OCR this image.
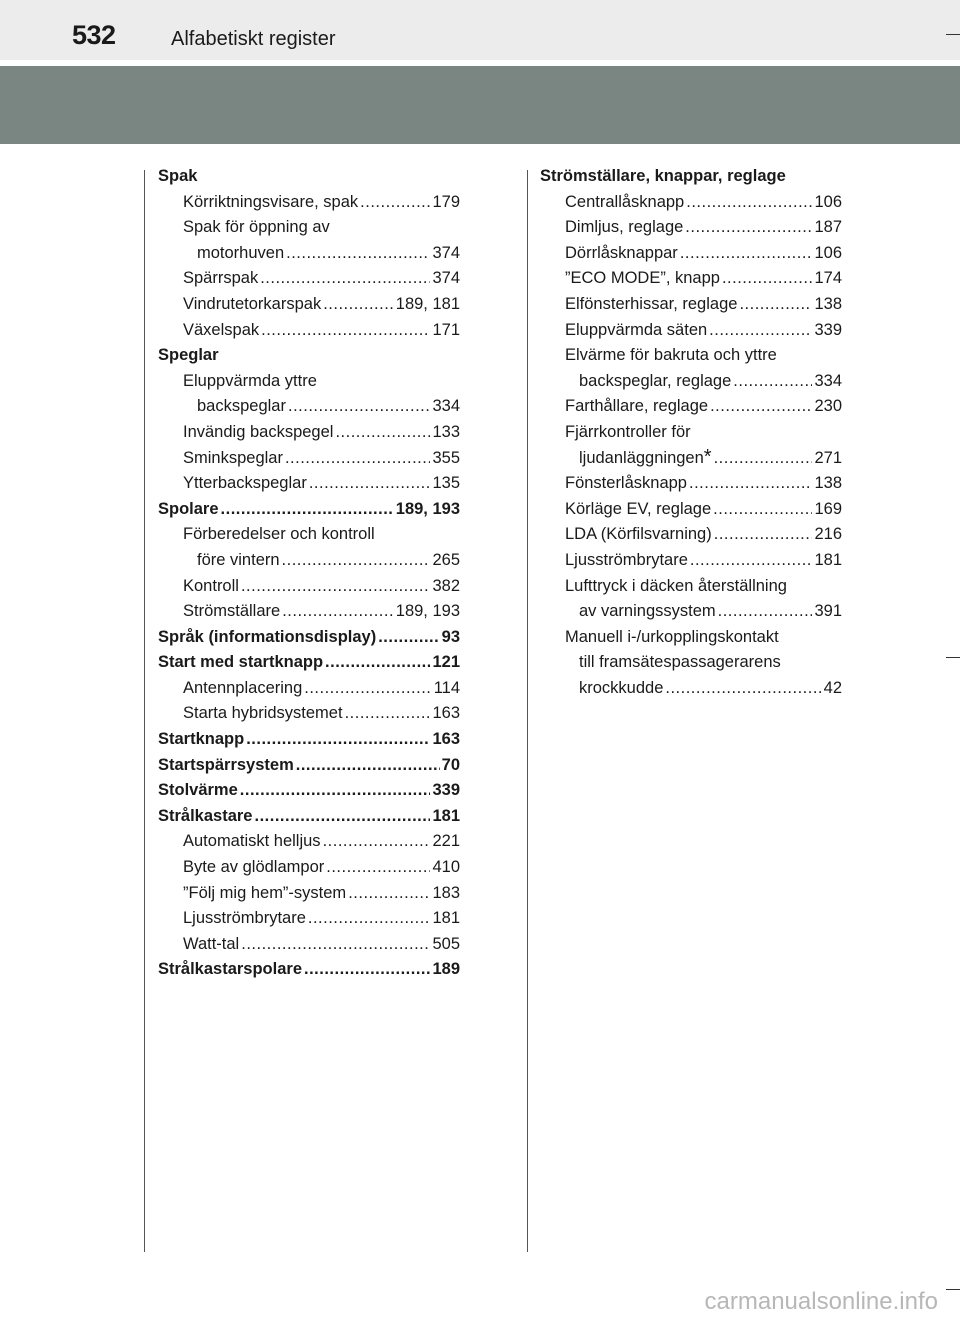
532	Alfabetiskt register
Spak
Körriktningsvisare, spak .....	179
Spak för öppning av
motorhuven .....	374
Spärrspak .....	374
Vindrutetorkarspak .....	189, 181
Växelspak .....	171
Speglar
Eluppvärmda yttre
backspeglar .....	334
Invändig backspegel .....	133
Sminkspeglar .....	355
Ytterbackspeglar .....	135
Spolare .....	189, 193
Förberedelser och kontroll
före vintern .....	265
Kontroll .....	382
Strömställare .....	189, 193
Språk (informationsdisplay) .....	93
Start med startknapp .....	121
Antennplacering .....	114
Starta hybridsystemet .....	163
Startknapp .....	163
Startspärrsystem .....	70
Stolvärme .....	339
Strålkastare .....	181
Automatiskt helljus .....	221
Byte av glödlampor .....	410
”Följ mig hem”-system .....	183
Ljusströmbrytare .....	181
Watt-tal .....	505
Strålkastarspolare .....	189
Strömställare, knappar, reglage
Centrallåsknapp .....	106
Dimljus, reglage .....	187
Dörrlåsknappar .....	106
”ECO MODE”, knapp .....	174
Elfönsterhissar, reglage .....	138
Eluppvärmda säten .....	339
Elvärme för bakruta och yttre
backspeglar, reglage .....	334
Farthållare, reglage .....	230
Fjärrkontroller för
ljudanläggningen * .....	271
Fönsterlåsknapp .....	138
Körläge EV, reglage .....	169
LDA (Körfilsvarning) .....	216
Ljusströmbrytare .....	181
Lufttryck i däcken återställning
av varningssystem .....	391
Manuell i-/urkopplingskontakt
till framsätespassagerarens
krockkudde .....	42
carmanualsonline.info
